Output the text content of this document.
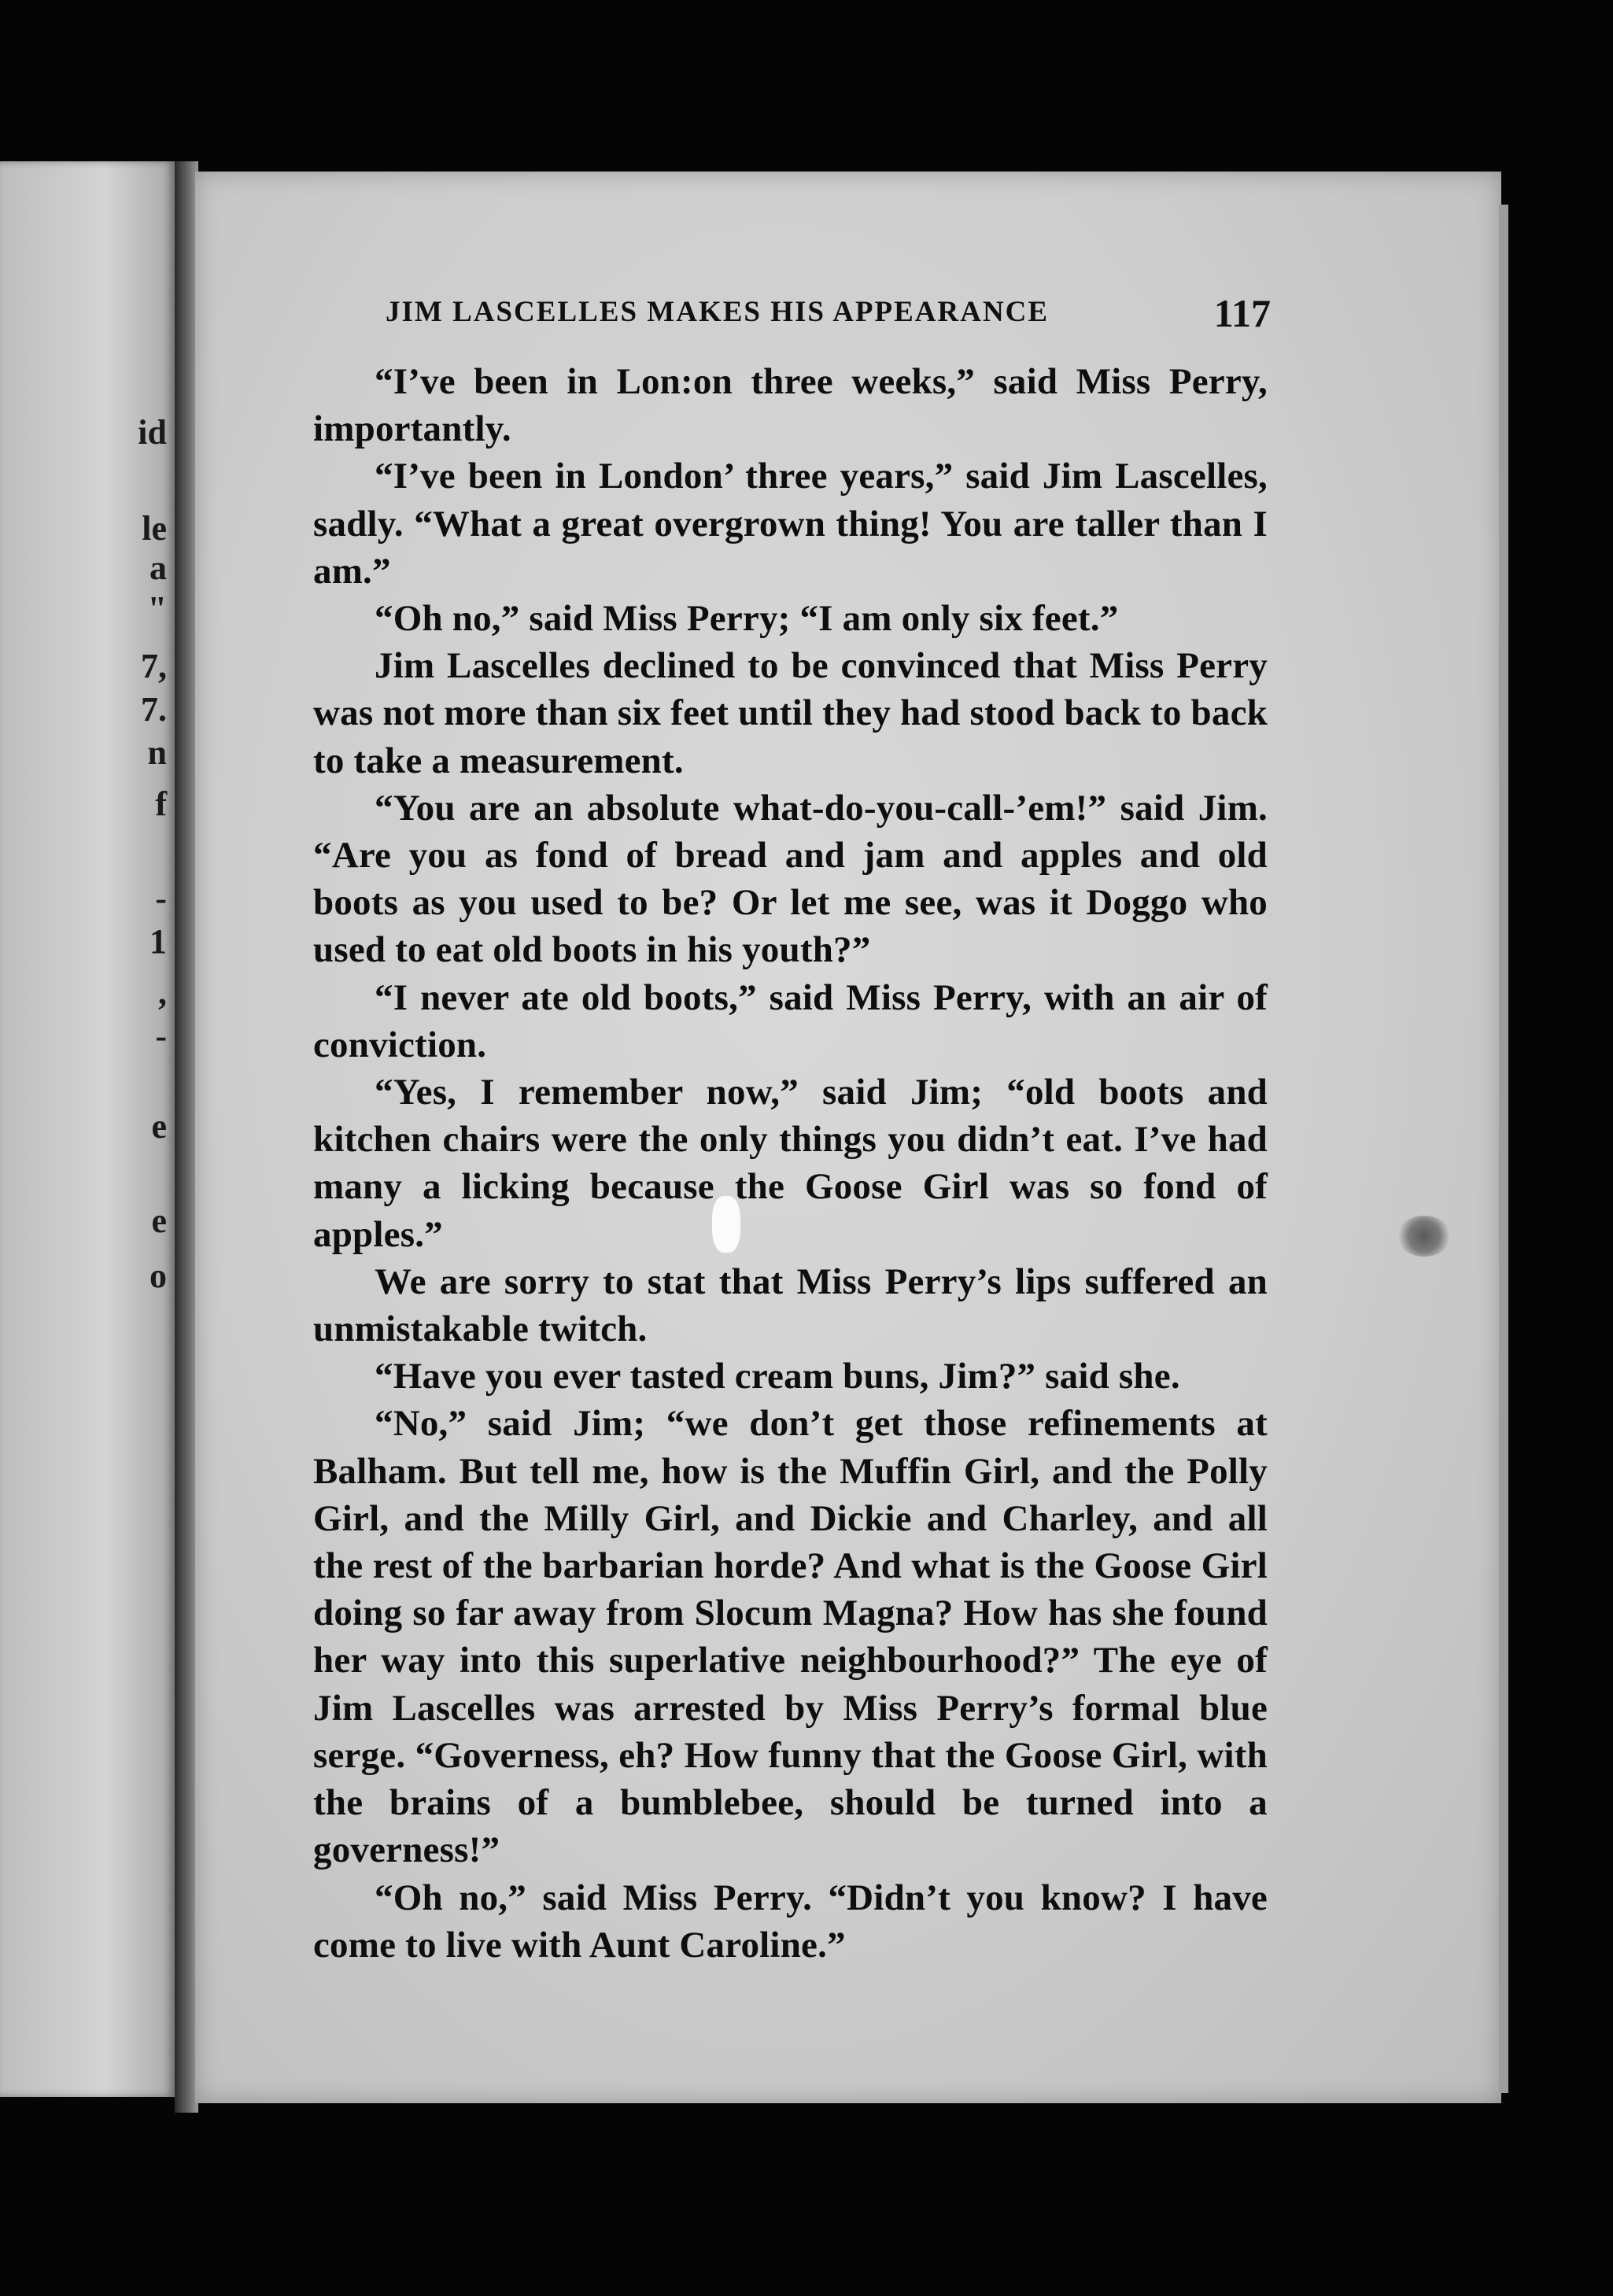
id
le
a
"
7,
7.
n
f
-
1
,
-
e
e
o
JIM LASCELLES MAKES HIS APPEARANCE	117

“I’ve been in Lon:on three weeks,” said Miss Perry, importantly.

“I’ve been in London’ three years,” said Jim Lascelles, sadly. “What a great overgrown thing! You are taller than I am.”

“Oh no,” said Miss Perry; “I am only six feet.”

Jim Lascelles declined to be convinced that Miss Perry was not more than six feet until they had stood back to back to take a measurement.

“You are an absolute what-do-you-call-’em!” said Jim. “Are you as fond of bread and jam and apples and old boots as you used to be? Or let me see, was it Doggo who used to eat old boots in his youth?”

“I never ate old boots,” said Miss Perry, with an air of conviction.

“Yes, I remember now,” said Jim; “old boots and kitchen chairs were the only things you didn’t eat. I’ve had many a licking because the Goose Girl was so fond of apples.”

We are sorry to stat that Miss Perry’s lips suffered an unmistakable twitch.

“Have you ever tasted cream buns, Jim?” said she.

“No,” said Jim; “we don’t get those refinements at Balham. But tell me, how is the Muffin Girl, and the Polly Girl, and the Milly Girl, and Dickie and Charley, and all the rest of the barbarian horde? And what is the Goose Girl doing so far away from Slocum Magna? How has she found her way into this superlative neighbourhood?” The eye of Jim Lascelles was arrested by Miss Perry’s formal blue serge. “Governess, eh? How funny that the Goose Girl, with the brains of a bumblebee, should be turned into a governess!”

“Oh no,” said Miss Perry. “Didn’t you know? I have come to live with Aunt Caroline.”
